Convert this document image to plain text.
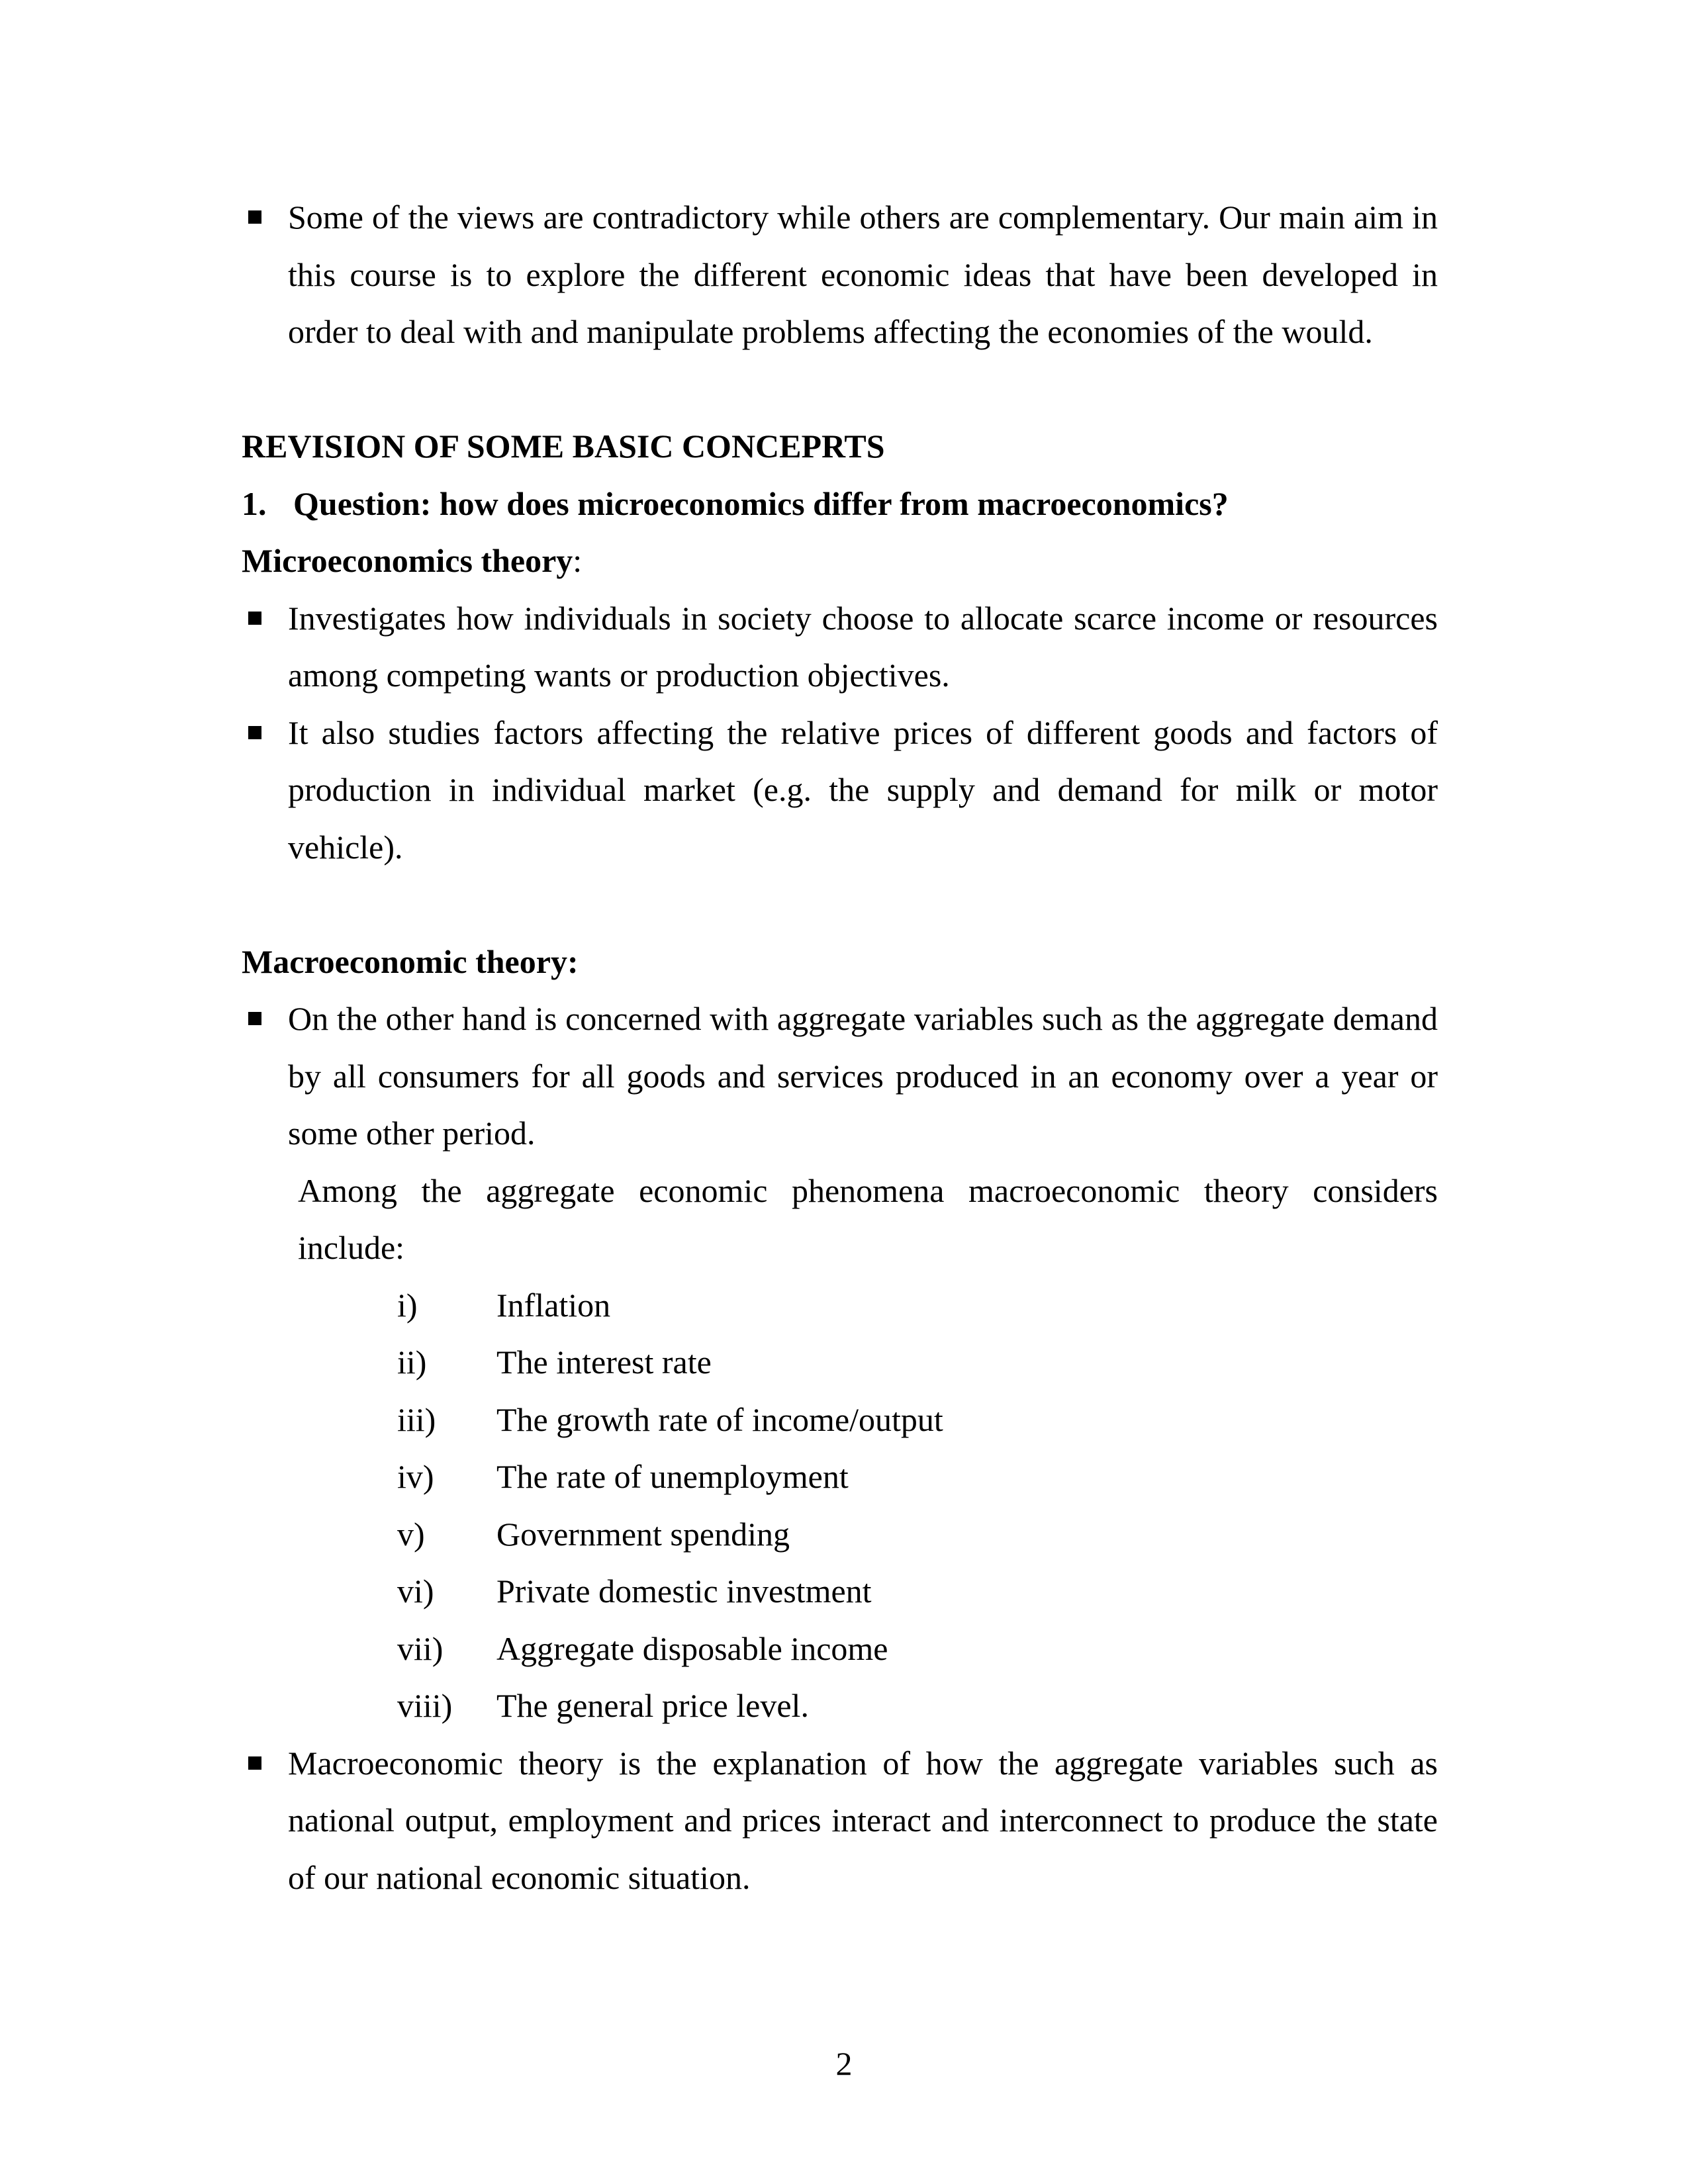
Some of the views are contradictory while others are complementary. Our main aim in this course is to explore the different economic ideas that have been developed in order to deal with and manipulate problems affecting the economies of the would.
REVISION OF SOME BASIC CONCEPRTS
1. Question: how does microeconomics differ from macroeconomics?
Microeconomics theory:
Investigates how individuals in society choose to allocate scarce income or resources among competing wants or production objectives.
It also studies factors affecting the relative prices of different goods and factors of production in individual market (e.g. the supply and demand for milk or motor vehicle).
Macroeconomic theory:
On the other hand is concerned with aggregate variables such as the aggregate demand by all consumers for all goods and services produced in an economy over a year or some other period.
Among the aggregate economic phenomena macroeconomic theory considers include:
i)	Inflation
ii)	The interest rate
iii)	The growth rate of income/output
iv)	The rate of unemployment
v)	Government spending
vi)	Private domestic investment
vii)	Aggregate disposable income
viii)	The general price level.
Macroeconomic theory is the explanation of how the aggregate variables such as national output, employment and prices interact and interconnect to produce the state of our national economic situation.
2
